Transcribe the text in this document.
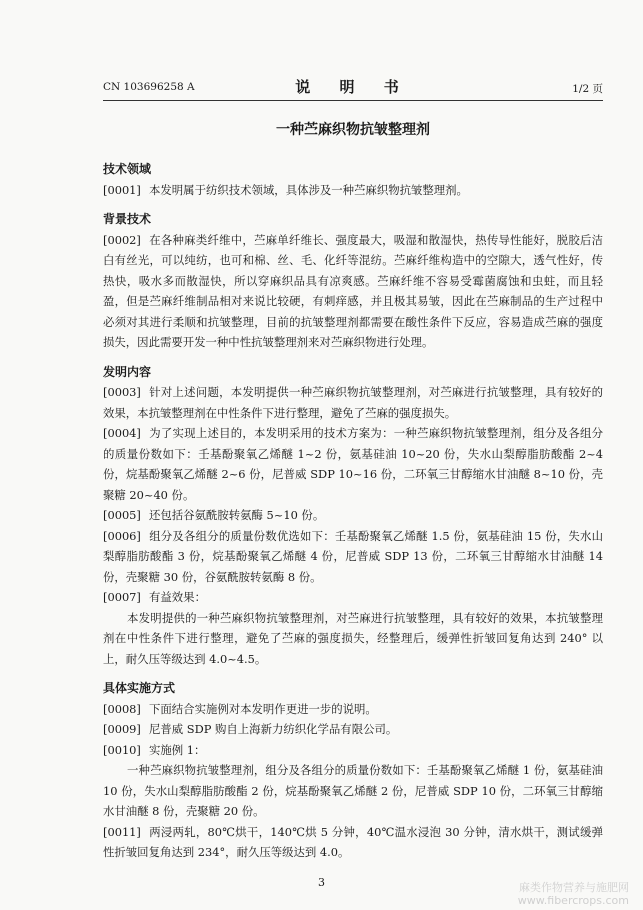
CN 103696258 A	说 明 书	1/2 页
一种苎麻织物抗皱整理剂

技术领域

[0001] 本发明属于纺织技术领域，具体涉及一种苎麻织物抗皱整理剂。

背景技术

[0002] 在各种麻类纤维中，苎麻单纤维长、强度最大，吸湿和散湿快，热传导性能好，脱胶后洁白有丝光，可以纯纺，也可和棉、丝、毛、化纤等混纺。苎麻纤维构造中的空隙大，透气性好，传热快，吸水多而散湿快，所以穿麻织品具有凉爽感。苎麻纤维不容易受霉菌腐蚀和虫蛀，而且轻盈，但是苎麻纤维制品相对来说比较硬，有刺痒感，并且极其易皱，因此在苎麻制品的生产过程中必须对其进行柔顺和抗皱整理，目前的抗皱整理剂都需要在酸性条件下反应，容易造成苎麻的强度损失，因此需要开发一种中性抗皱整理剂来对苎麻织物进行处理。

发明内容

[0003] 针对上述问题，本发明提供一种苎麻织物抗皱整理剂，对苎麻进行抗皱整理，具有较好的效果，本抗皱整理剂在中性条件下进行整理，避免了苎麻的强度损失。

[0004] 为了实现上述目的，本发明采用的技术方案为：一种苎麻织物抗皱整理剂，组分及各组分的质量份数如下：壬基酚聚氧乙烯醚 1~2 份，氨基硅油 10~20 份，失水山梨醇脂肪酸酯 2~4 份，烷基酚聚氧乙烯醚 2~6 份，尼普威 SDP 10~16 份，二环氧三甘醇缩水甘油醚 8~10 份，壳聚糖 20~40 份。

[0005] 还包括谷氨酰胺转氨酶 5~10 份。

[0006] 组分及各组分的质量份数优选如下：壬基酚聚氧乙烯醚 1.5 份，氨基硅油 15 份，失水山梨醇脂肪酸酯 3 份，烷基酚聚氧乙烯醚 4 份，尼普威 SDP 13 份，二环氧三甘醇缩水甘油醚 14 份，壳聚糖 30 份，谷氨酰胺转氨酶 8 份。

[0007] 有益效果：

本发明提供的一种苎麻织物抗皱整理剂，对苎麻进行抗皱整理，具有较好的效果，本抗皱整理剂在中性条件下进行整理，避免了苎麻的强度损失，经整理后，缓弹性折皱回复角达到 240° 以上，耐久压等级达到 4.0~4.5。

具体实施方式

[0008] 下面结合实施例对本发明作更进一步的说明。

[0009] 尼普威 SDP 购自上海新力纺织化学品有限公司。

[0010] 实施例 1：

一种苎麻织物抗皱整理剂，组分及各组分的质量份数如下：壬基酚聚氧乙烯醚 1 份，氨基硅油 10 份，失水山梨醇脂肪酸酯 2 份，烷基酚聚氧乙烯醚 2 份，尼普威 SDP 10 份，二环氧三甘醇缩水甘油醚 8 份，壳聚糖 20 份。

[0011] 两浸两轧，80℃烘干，140℃烘 5 分钟，40℃温水浸泡 30 分钟，清水烘干，测试缓弹性折皱回复角达到 234°，耐久压等级达到 4.0。

3	麻类作物营养与施肥网
www.fibercrops.com
